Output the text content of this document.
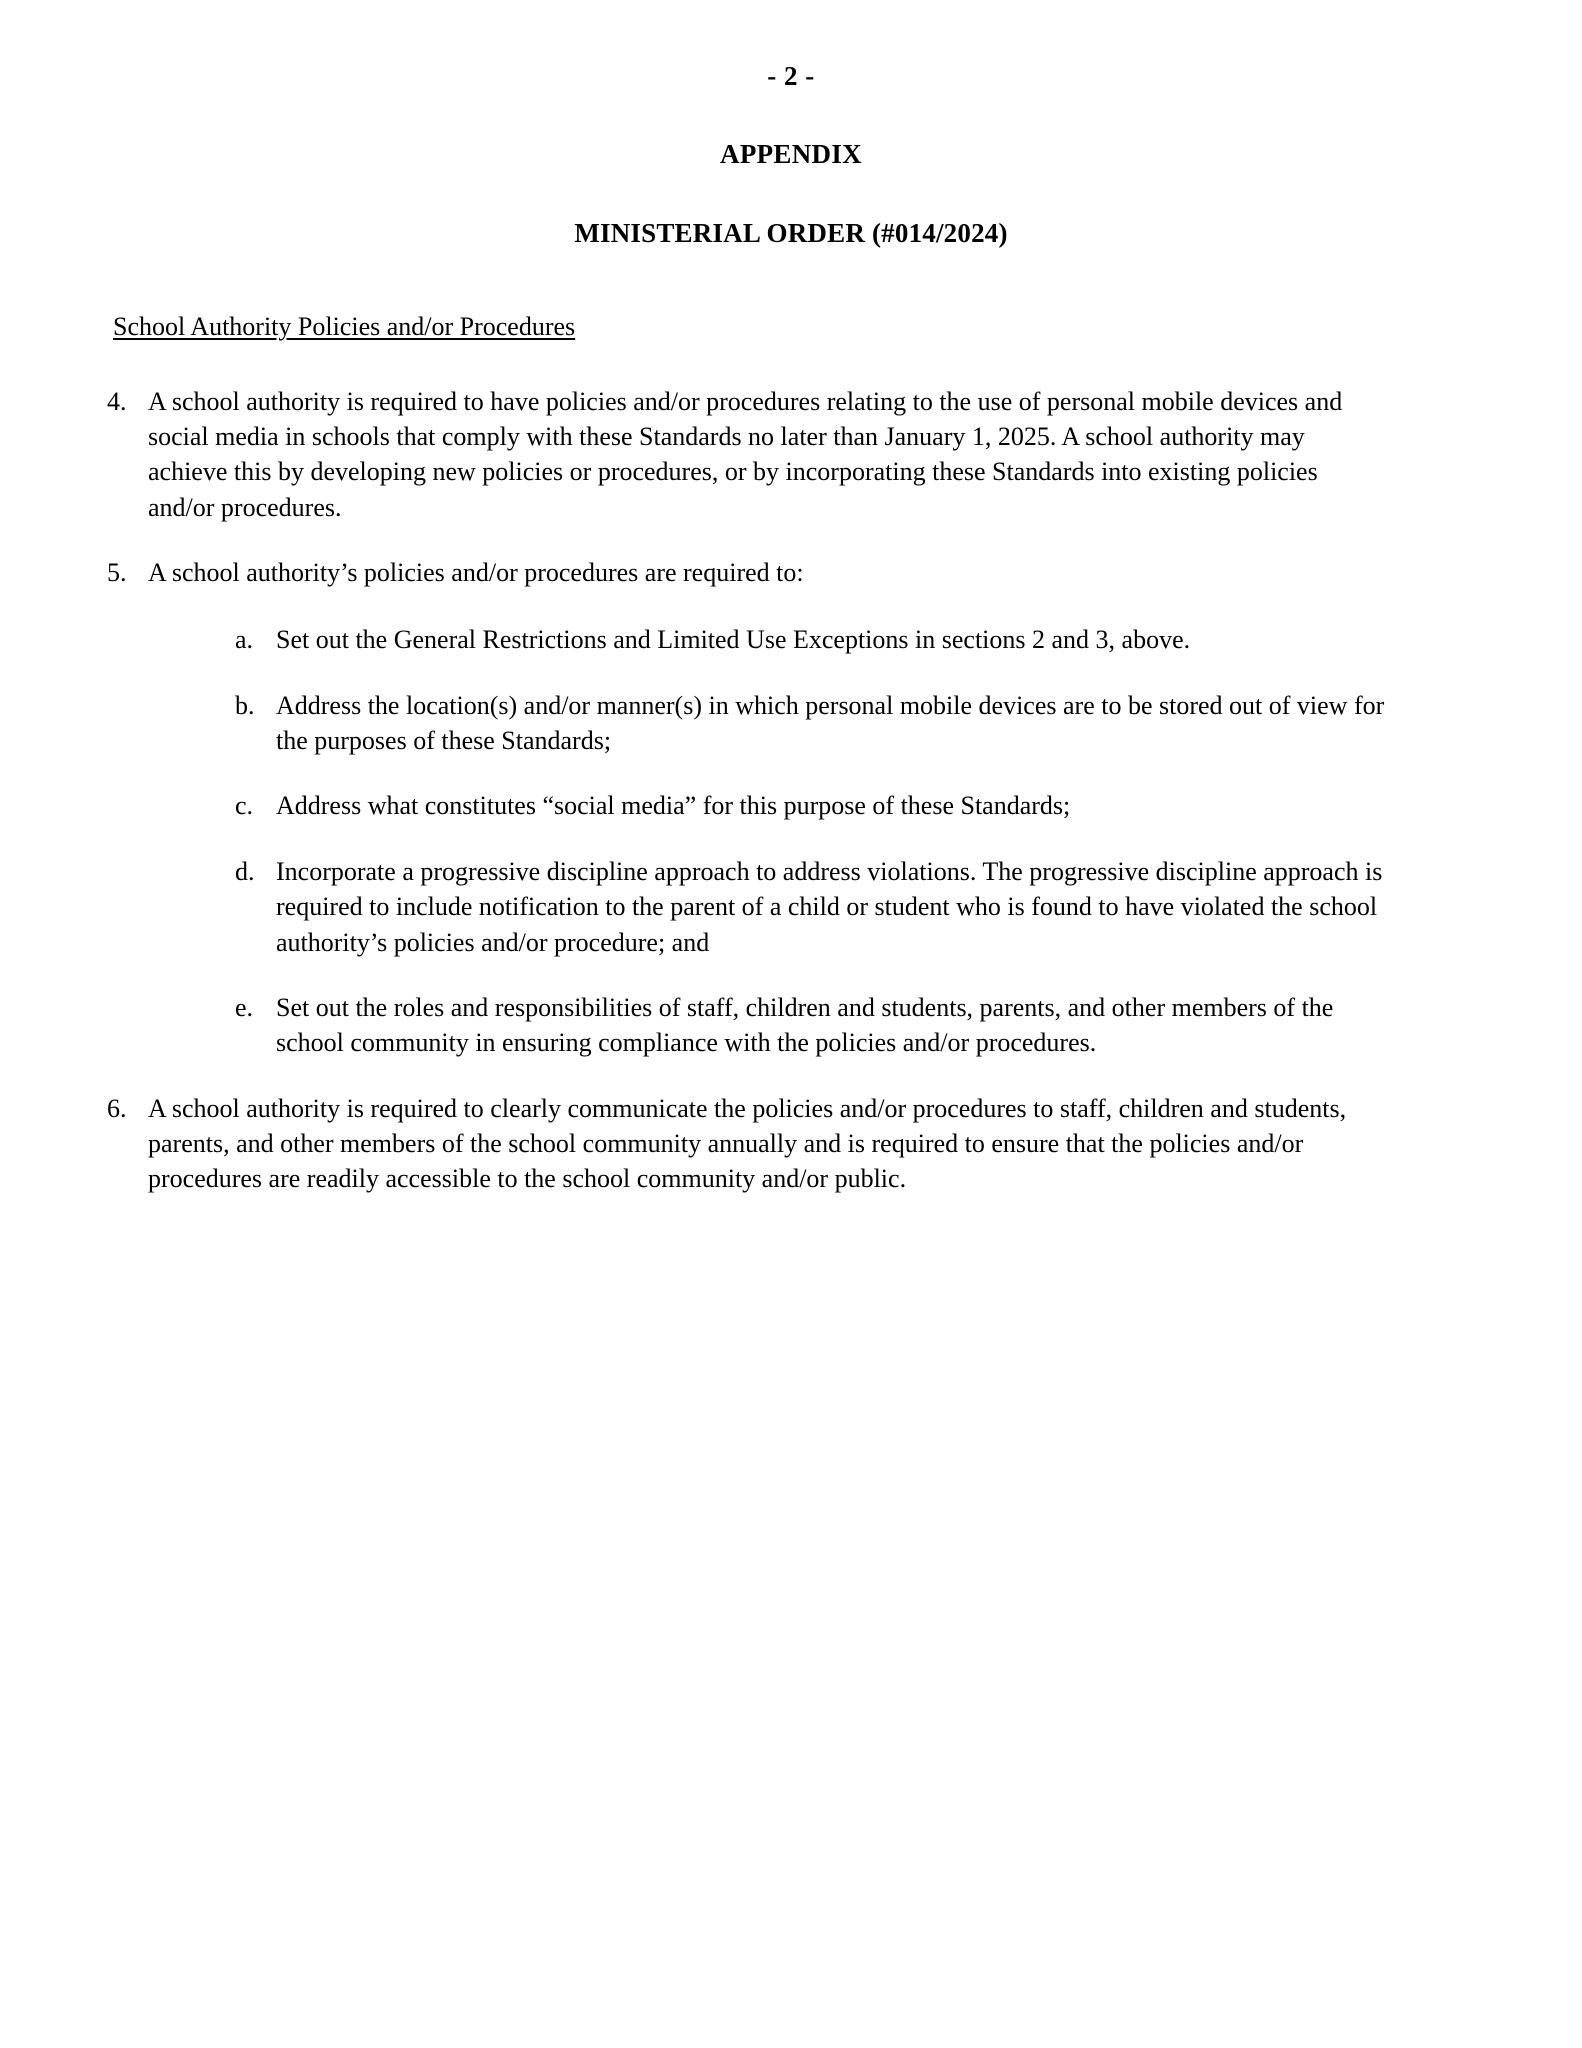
- 2 -
APPENDIX
MINISTERIAL ORDER (#014/2024)
School Authority Policies and/or Procedures
4. A school authority is required to have policies and/or procedures relating to the use of personal mobile devices and social media in schools that comply with these Standards no later than January 1, 2025. A school authority may achieve this by developing new policies or procedures, or by incorporating these Standards into existing policies and/or procedures.
5. A school authority’s policies and/or procedures are required to:
a. Set out the General Restrictions and Limited Use Exceptions in sections 2 and 3, above.
b. Address the location(s) and/or manner(s) in which personal mobile devices are to be stored out of view for the purposes of these Standards;
c. Address what constitutes “social media” for this purpose of these Standards;
d. Incorporate a progressive discipline approach to address violations. The progressive discipline approach is required to include notification to the parent of a child or student who is found to have violated the school authority’s policies and/or procedure; and
e. Set out the roles and responsibilities of staff, children and students, parents, and other members of the school community in ensuring compliance with the policies and/or procedures.
6. A school authority is required to clearly communicate the policies and/or procedures to staff, children and students, parents, and other members of the school community annually and is required to ensure that the policies and/or procedures are readily accessible to the school community and/or public.
